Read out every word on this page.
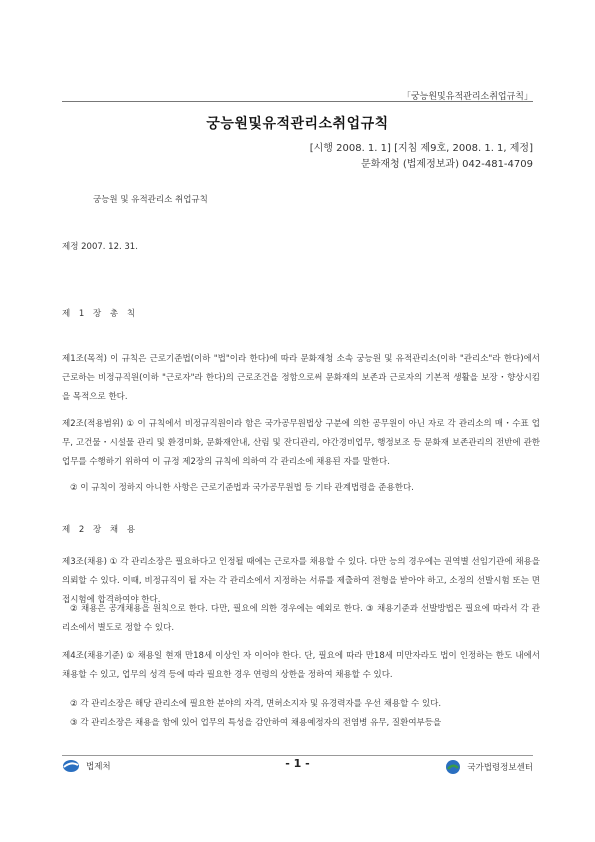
「궁능원및유적관리소취업규칙」
궁능원및유적관리소취업규칙
[시행 2008. 1. 1] [지침 제9호, 2008. 1. 1, 제정]
문화재청 (법제정보과) 042-481-4709
궁능원 및 유적관리소 취업규칙
제정 2007. 12. 31.
제 1 장 총 칙
제1조(목적) 이 규칙은 근로기준법(이하 "법"이라 한다)에 따라 문화재청 소속 궁능원 및 유적관리소(이하 "관리소"라 한다)에서 근로하는 비정규직원(이하 "근로자"라 한다)의 근로조건을 정함으로써 문화재의 보존과 근로자의 기본적 생활을 보장・향상시킴을 목적으로 한다.
제2조(적용범위) ① 이 규칙에서 비정규직원이라 함은 국가공무원법상 구분에 의한 공무원이 아닌 자로 각 관리소의 매・수표 업무, 고건물・시설물 관리 및 환경미화, 문화재안내, 산림 및 잔디관리, 야간경비업무, 행정보조 등 문화재 보존관리의 전반에 관한 업무를 수행하기 위하여 이 규정 제2장의 규칙에 의하여 각 관리소에 채용된 자를 말한다.
② 이 규칙이 정하지 아니한 사항은 근로기준법과 국가공무원법 등 기타 관계법령을 준용한다.
제 2 장 채 용
제3조(채용) ① 각 관리소장은 필요하다고 인정될 때에는 근로자를 채용할 수 있다. 다만 능의 경우에는 권역별 선임기관에 채용을 의뢰할 수 있다. 이때, 비정규직이 될 자는 각 관리소에서 지정하는 서류를 제출하여 전형을 받아야 하고, 소정의 선발시험 또는 면접시험에 합격하여야 한다.
② 채용은 공개채용을 원칙으로 한다. 다만, 필요에 의한 경우에는 예외로 한다. ③ 채용기준과 선발방법은 필요에 따라서 각 관리소에서 별도로 정할 수 있다.
제4조(채용기준) ① 채용일 현재 만18세 이상인 자 이어야 한다. 단, 필요에 따라 만18세 미만자라도 법이 인정하는 한도 내에서 채용할 수 있고, 업무의 성격 등에 따라 필요한 경우 연령의 상한을 정하여 채용할 수 있다.
② 각 관리소장은 해당 관리소에 필요한 분야의 자격, 면허소지자 및 유경력자를 우선 채용할 수 있다.
③ 각 관리소장은 채용을 함에 있어 업무의 특성을 감안하여 채용예정자의 전염병 유무, 질환여부등을
법제처	- 1 -	국가법령정보센터
